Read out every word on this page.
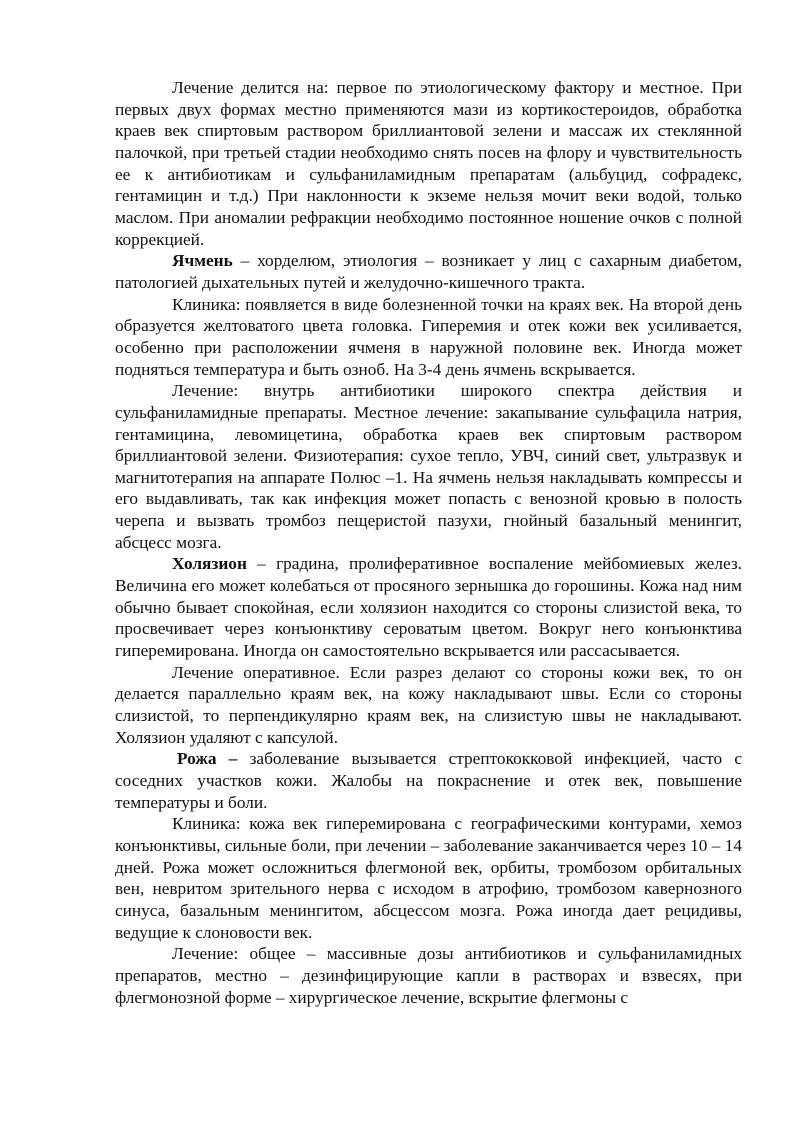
Лечение делится на: первое по этиологическому фактору и местное. При первых двух формах местно применяются мази из кортикостероидов, обработка краев век спиртовым раствором бриллиантовой зелени и массаж их стеклянной палочкой, при третьей стадии необходимо снять посев на флору и чувствительность ее к антибиотикам и сульфаниламидным препаратам (альбуцид, софрадекс, гентамицин и т.д.) При наклонности к экземе нельзя мочит веки водой, только маслом. При аномалии рефракции необходимо постоянное ношение очков с полной коррекцией.

Ячмень – хорделюм, этиология – возникает у лиц с сахарным диабетом, патологией дыхательных путей и желудочно-кишечного тракта.

Клиника: появляется в виде болезненной точки на краях век. На второй день образуется желтоватого цвета головка. Гиперемия и отек кожи век усиливается, особенно при расположении ячменя в наружной половине век. Иногда может подняться температура и быть озноб. На 3-4 день ячмень вскрывается.

Лечение: внутрь антибиотики широкого спектра действия и сульфаниламидные препараты. Местное лечение: закапывание сульфацила натрия, гентамицина, левомицетина, обработка краев век спиртовым раствором бриллиантовой зелени. Физиотерапия: сухое тепло, УВЧ, синий свет, ультразвук и магнитотерапия на аппарате Полюс –1. На ячмень нельзя накладывать компрессы и его выдавливать, так как инфекция может попасть с венозной кровью в полость черепа и вызвать тромбоз пещеристой пазухи, гнойный базальный менингит, абсцесс мозга.

Холязион – градина, пролиферативное воспаление мейбомиевых желез. Величина его может колебаться от просяного зернышка до горошины. Кожа над ним обычно бывает спокойная, если холязион находится со стороны слизистой века, то просвечивает через конъюнктиву сероватым цветом. Вокруг него конъюнктива гиперемирована. Иногда он самостоятельно вскрывается или рассасывается.

Лечение оперативное. Если разрез делают со стороны кожи век, то он делается параллельно краям век, на кожу накладывают швы. Если со стороны слизистой, то перпендикулярно краям век, на слизистую швы не накладывают. Холязион удаляют с капсулой.

Рожа – заболевание вызывается стрептококковой инфекцией, часто с соседних участков кожи. Жалобы на покраснение и отек век, повышение температуры и боли.

Клиника: кожа век гиперемирована с географическими контурами, хемоз конъюнктивы, сильные боли, при лечении – заболевание заканчивается через 10 – 14 дней. Рожа может осложниться флегмоной век, орбиты, тромбозом орбитальных вен, невритом зрительного нерва с исходом в атрофию, тромбозом кавернозного синуса, базальным менингитом, абсцессом мозга. Рожа иногда дает рецидивы, ведущие к слоновости век.

Лечение: общее – массивные дозы антибиотиков и сульфаниламидных препаратов, местно – дезинфицирующие капли в растворах и взвесях, при флегмонозной форме – хирургическое лечение, вскрытие флегмоны с
